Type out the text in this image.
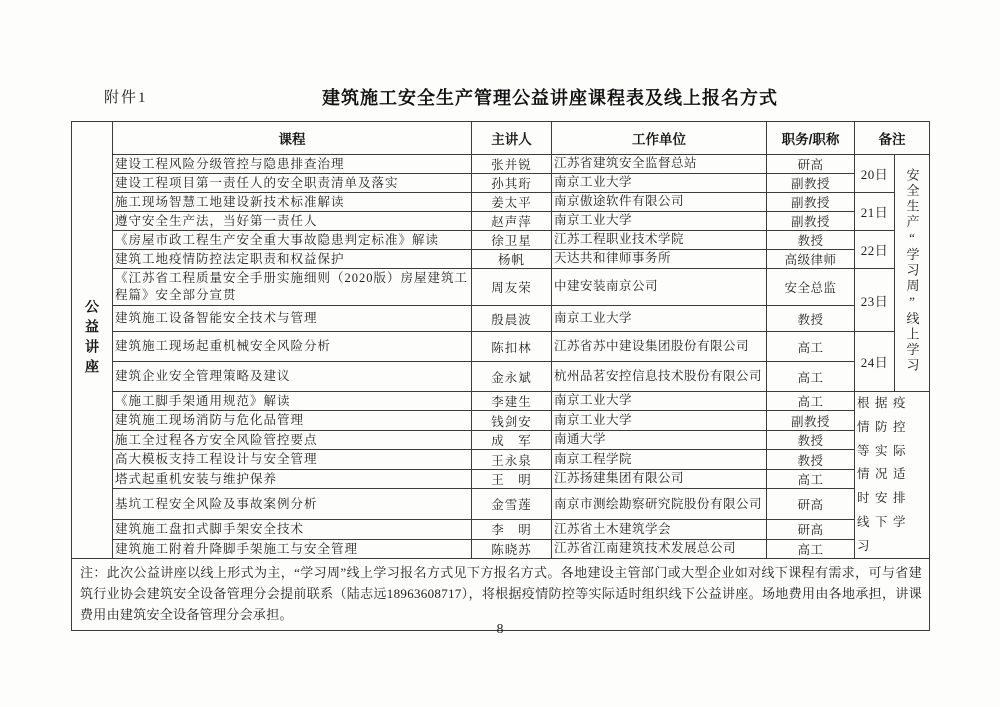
附件1	建筑施工安全生产管理公益讲座课程表及线上报名方式
公益讲座	课程	主讲人	工作单位	职务/职称	备注	
	建设工程风险分级管控与隐患排查治理	张并锐	江苏省建筑安全监督总站	研高	20日	安全生产“学习周”线上学习
	建设工程项目第一责任人的安全职责清单及落实	孙其珩	南京工业大学	副教授		
	施工现场智慧工地建设新技术标准解读	姜太平	南京傲途软件有限公司	副教授	21日	
	遵守安全生产法，当好第一责任人	赵声萍	南京工业大学	副教授		
	《房屋市政工程生产安全重大事故隐患判定标准》解读	徐卫星	江苏工程职业技术学院	教授	22日	
	建筑工地疫情防控法定职责和权益保护	杨帆	天达共和律师事务所	高级律师		
	《江苏省工程质量安全手册实施细则（2020版）房屋建筑工程篇》安全部分宣贯	周友荣	中建安装南京公司	安全总监	23日	
	建筑施工设备智能安全技术与管理	殷晨波	南京工业大学	教授		
	建筑施工现场起重机械安全风险分析	陈扣林	江苏省苏中建设集团股份有限公司	高工	24日	
	建筑企业安全管理策略及建议	金永斌	杭州品茗安控信息技术股份有限公司	高工		
	《施工脚手架通用规范》解读	李建生	南京工业大学	高工	根据疫情防控等实际情况适时安排线下学习	
	建筑施工现场消防与危化品管理	钱剑安	南京工业大学	副教授		
	施工全过程各方安全风险管控要点	成　军	南通大学	教授		
	高大模板支持工程设计与安全管理	王永泉	南京工程学院	教授		
	塔式起重机安装与维护保养	王　明	江苏扬建集团有限公司	高工		
	基坑工程安全风险及事故案例分析	金雪莲	南京市测绘勘察研究院股份有限公司	研高		
	建筑施工盘扣式脚手架安全技术	李　明	江苏省土木建筑学会	研高		
	建筑施工附着升降脚手架施工与安全管理	陈晓苏	江苏省江南建筑技术发展总公司	高工		
注：此次公益讲座以线上形式为主，“学习周”线上学习报名方式见下方报名方式。各地建设主管部门或大型企业如对线下课程有需求，可与省建筑行业协会建筑安全设备管理分会提前联系（陆志远18963608717），将根据疫情防控等实际适时组织线下公益讲座。场地费用由各地承担，讲课费用由建筑安全设备管理分会承担。						
8
